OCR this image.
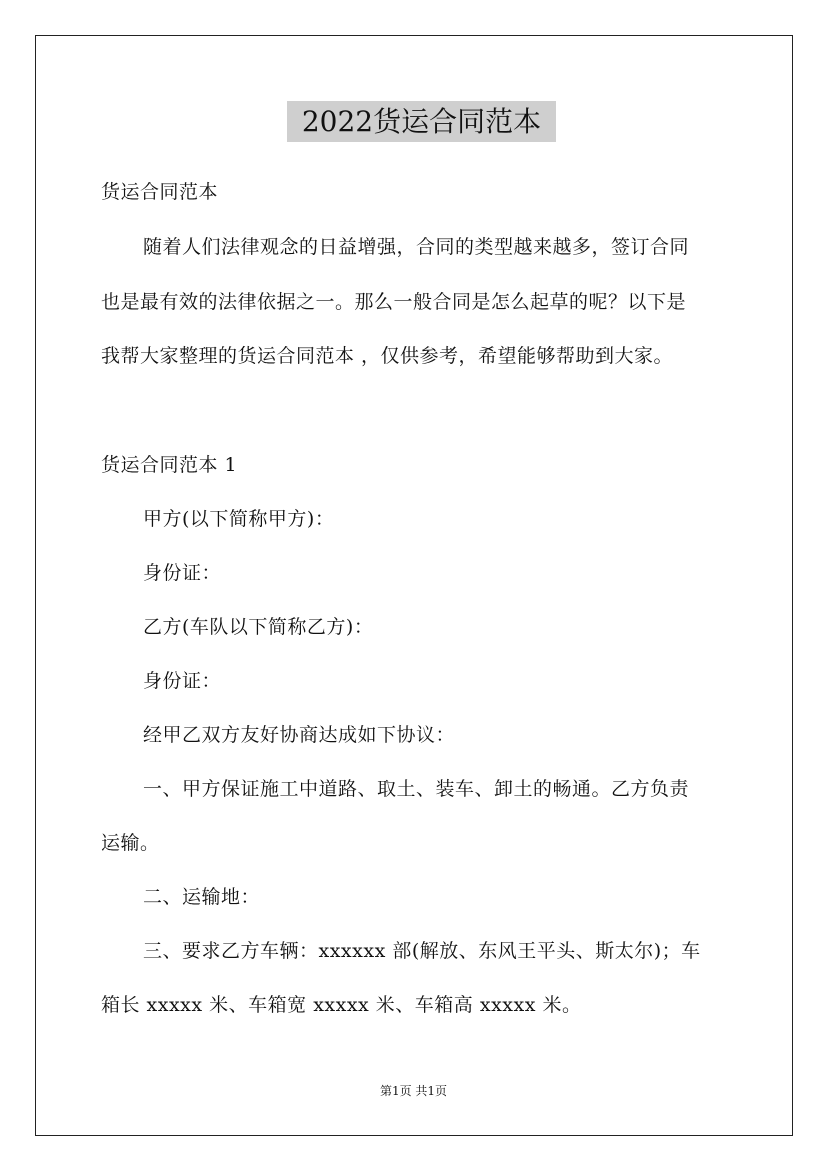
2022货运合同范本
货运合同范本
随着人们法律观念的日益增强，合同的类型越来越多，签订合同
也是最有效的法律依据之一。那么一般合同是怎么起草的呢？以下是
我帮大家整理的货运合同范本 ，仅供参考，希望能够帮助到大家。
货运合同范本 1
甲方(以下简称甲方)：
身份证：
乙方(车队以下简称乙方)：
身份证：
经甲乙双方友好协商达成如下协议：
一、甲方保证施工中道路、取土、装车、卸土的畅通。乙方负责
运输。
二、运输地：
三、要求乙方车辆：xxxxxx 部(解放、东风王平头、斯太尔)；车
箱长 xxxxx 米、车箱宽 xxxxx 米、车箱高 xxxxx 米。
第1页 共1页
